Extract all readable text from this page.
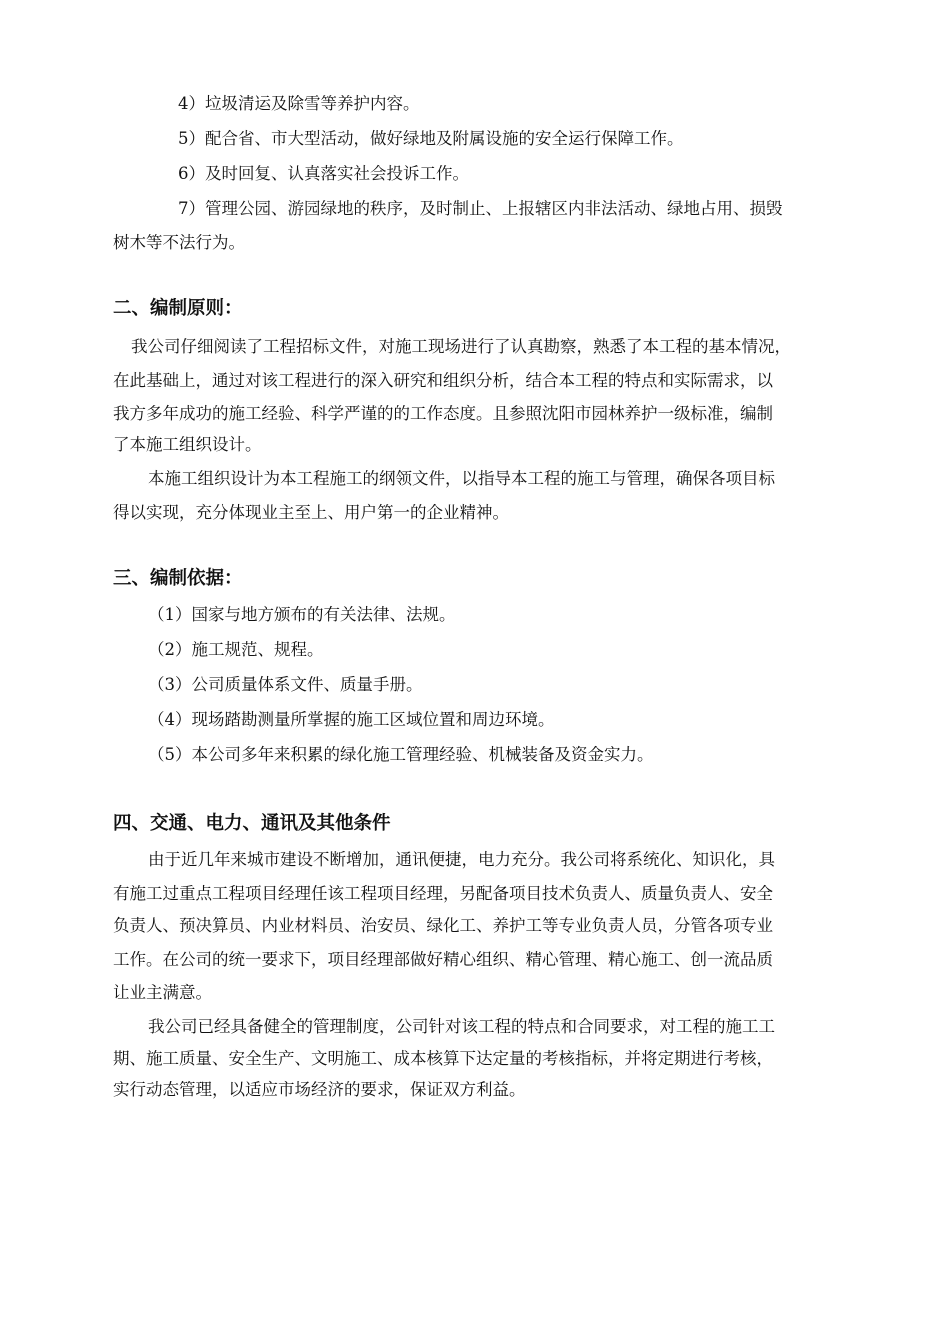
4）垃圾清运及除雪等养护内容。
5）配合省、市大型活动，做好绿地及附属设施的安全运行保障工作。
6）及时回复、认真落实社会投诉工作。
7）管理公园、游园绿地的秩序，及时制止、上报辖区内非法活动、绿地占用、损毁
树木等不法行为。
二、编制原则：
我公司仔细阅读了工程招标文件，对施工现场进行了认真勘察，熟悉了本工程的基本情况，
在此基础上，通过对该工程进行的深入研究和组织分析，结合本工程的特点和实际需求，以
我方多年成功的施工经验、科学严谨的的工作态度。且参照沈阳市园林养护一级标准，编制
了本施工组织设计。
本施工组织设计为本工程施工的纲领文件，以指导本工程的施工与管理，确保各项目标
得以实现，充分体现业主至上、用户第一的企业精神。
三、编制依据：
（1）国家与地方颁布的有关法律、法规。
（2）施工规范、规程。
（3）公司质量体系文件、质量手册。
（4）现场踏勘测量所掌握的施工区域位置和周边环境。
（5）本公司多年来积累的绿化施工管理经验、机械装备及资金实力。
四、交通、电力、通讯及其他条件
由于近几年来城市建设不断增加，通讯便捷，电力充分。我公司将系统化、知识化，具
有施工过重点工程项目经理任该工程项目经理，另配备项目技术负责人、质量负责人、安全
负责人、预决算员、内业材料员、治安员、绿化工、养护工等专业负责人员，分管各项专业
工作。在公司的统一要求下，项目经理部做好精心组织、精心管理、精心施工、创一流品质
让业主满意。
我公司已经具备健全的管理制度，公司针对该工程的特点和合同要求，对工程的施工工
期、施工质量、安全生产、文明施工、成本核算下达定量的考核指标，并将定期进行考核，
实行动态管理，以适应市场经济的要求，保证双方利益。
